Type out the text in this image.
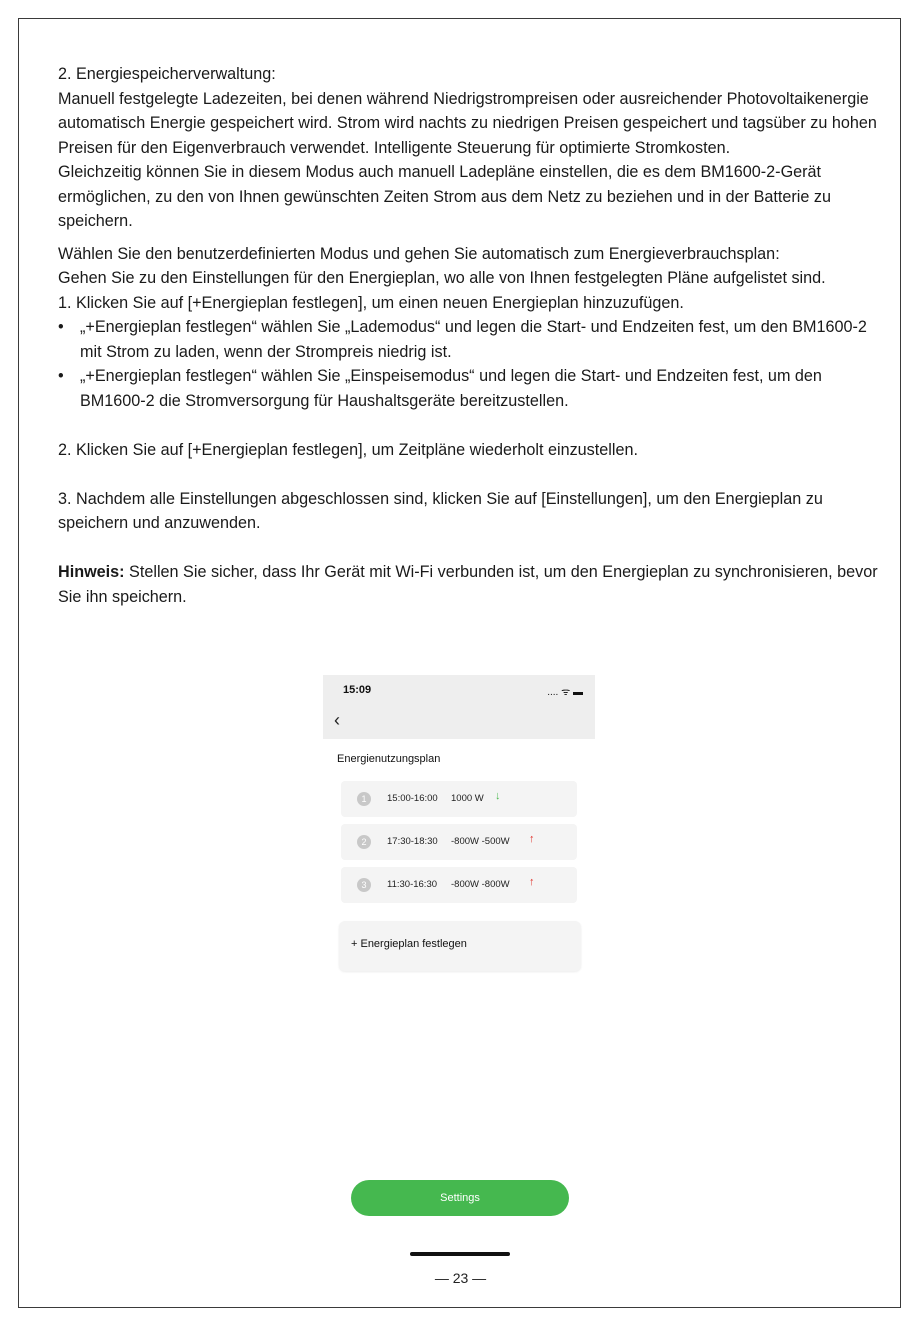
2. Energiespeicherverwaltung:

Manuell festgelegte Ladezeiten, bei denen während Niedrigstrompreisen oder ausreichender Photovoltaikenergie automatisch Energie gespeichert wird. Strom wird nachts zu niedrigen Preisen gespeichert und tagsüber zu hohen Preisen für den Eigenverbrauch verwendet. Intelligente Steuerung für optimierte Stromkosten.

Gleichzeitig können Sie in diesem Modus auch manuell Ladepläne einstellen, die es dem BM1600-2-Gerät ermöglichen, zu den von Ihnen gewünschten Zeiten Strom aus dem Netz zu beziehen und in der Batterie zu speichern.

Wählen Sie den benutzerdefinierten Modus und gehen Sie automatisch zum Energieverbrauchsplan:

Gehen Sie zu den Einstellungen für den Energieplan, wo alle von Ihnen festgelegten Pläne aufgelistet sind.

1. Klicken Sie auf [+Energieplan festlegen], um einen neuen Energieplan hinzuzufügen.

• „+Energieplan festlegen“ wählen Sie „Lademodus“ und legen die Start- und Endzeiten fest, um den BM1600-2 mit Strom zu laden, wenn der Strompreis niedrig ist.
• „+Energieplan festlegen“ wählen Sie „Einspeisemodus“ und legen die Start- und Endzeiten fest, um den BM1600-2 die Stromversorgung für Haushaltsgeräte bereitzustellen.

2. Klicken Sie auf [+Energieplan festlegen], um Zeitpläne wiederholt einzustellen.

3. Nachdem alle Einstellungen abgeschlossen sind, klicken Sie auf [Einstellungen], um den Energieplan zu speichern und anzuwenden.

Hinweis: Stellen Sie sicher, dass Ihr Gerät mit Wi-Fi verbunden ist, um den Energieplan zu synchronisieren, bevor Sie ihn speichern.

15:09	.... ᯤ ▬
‹
Energienutzungsplan
1	15:00-16:00 1000 W ↓
2	17:30-18:30 -800W -500W ↑
3	11:30-16:30 -800W -800W ↑
+ Energieplan festlegen
Settings
— 23 —
